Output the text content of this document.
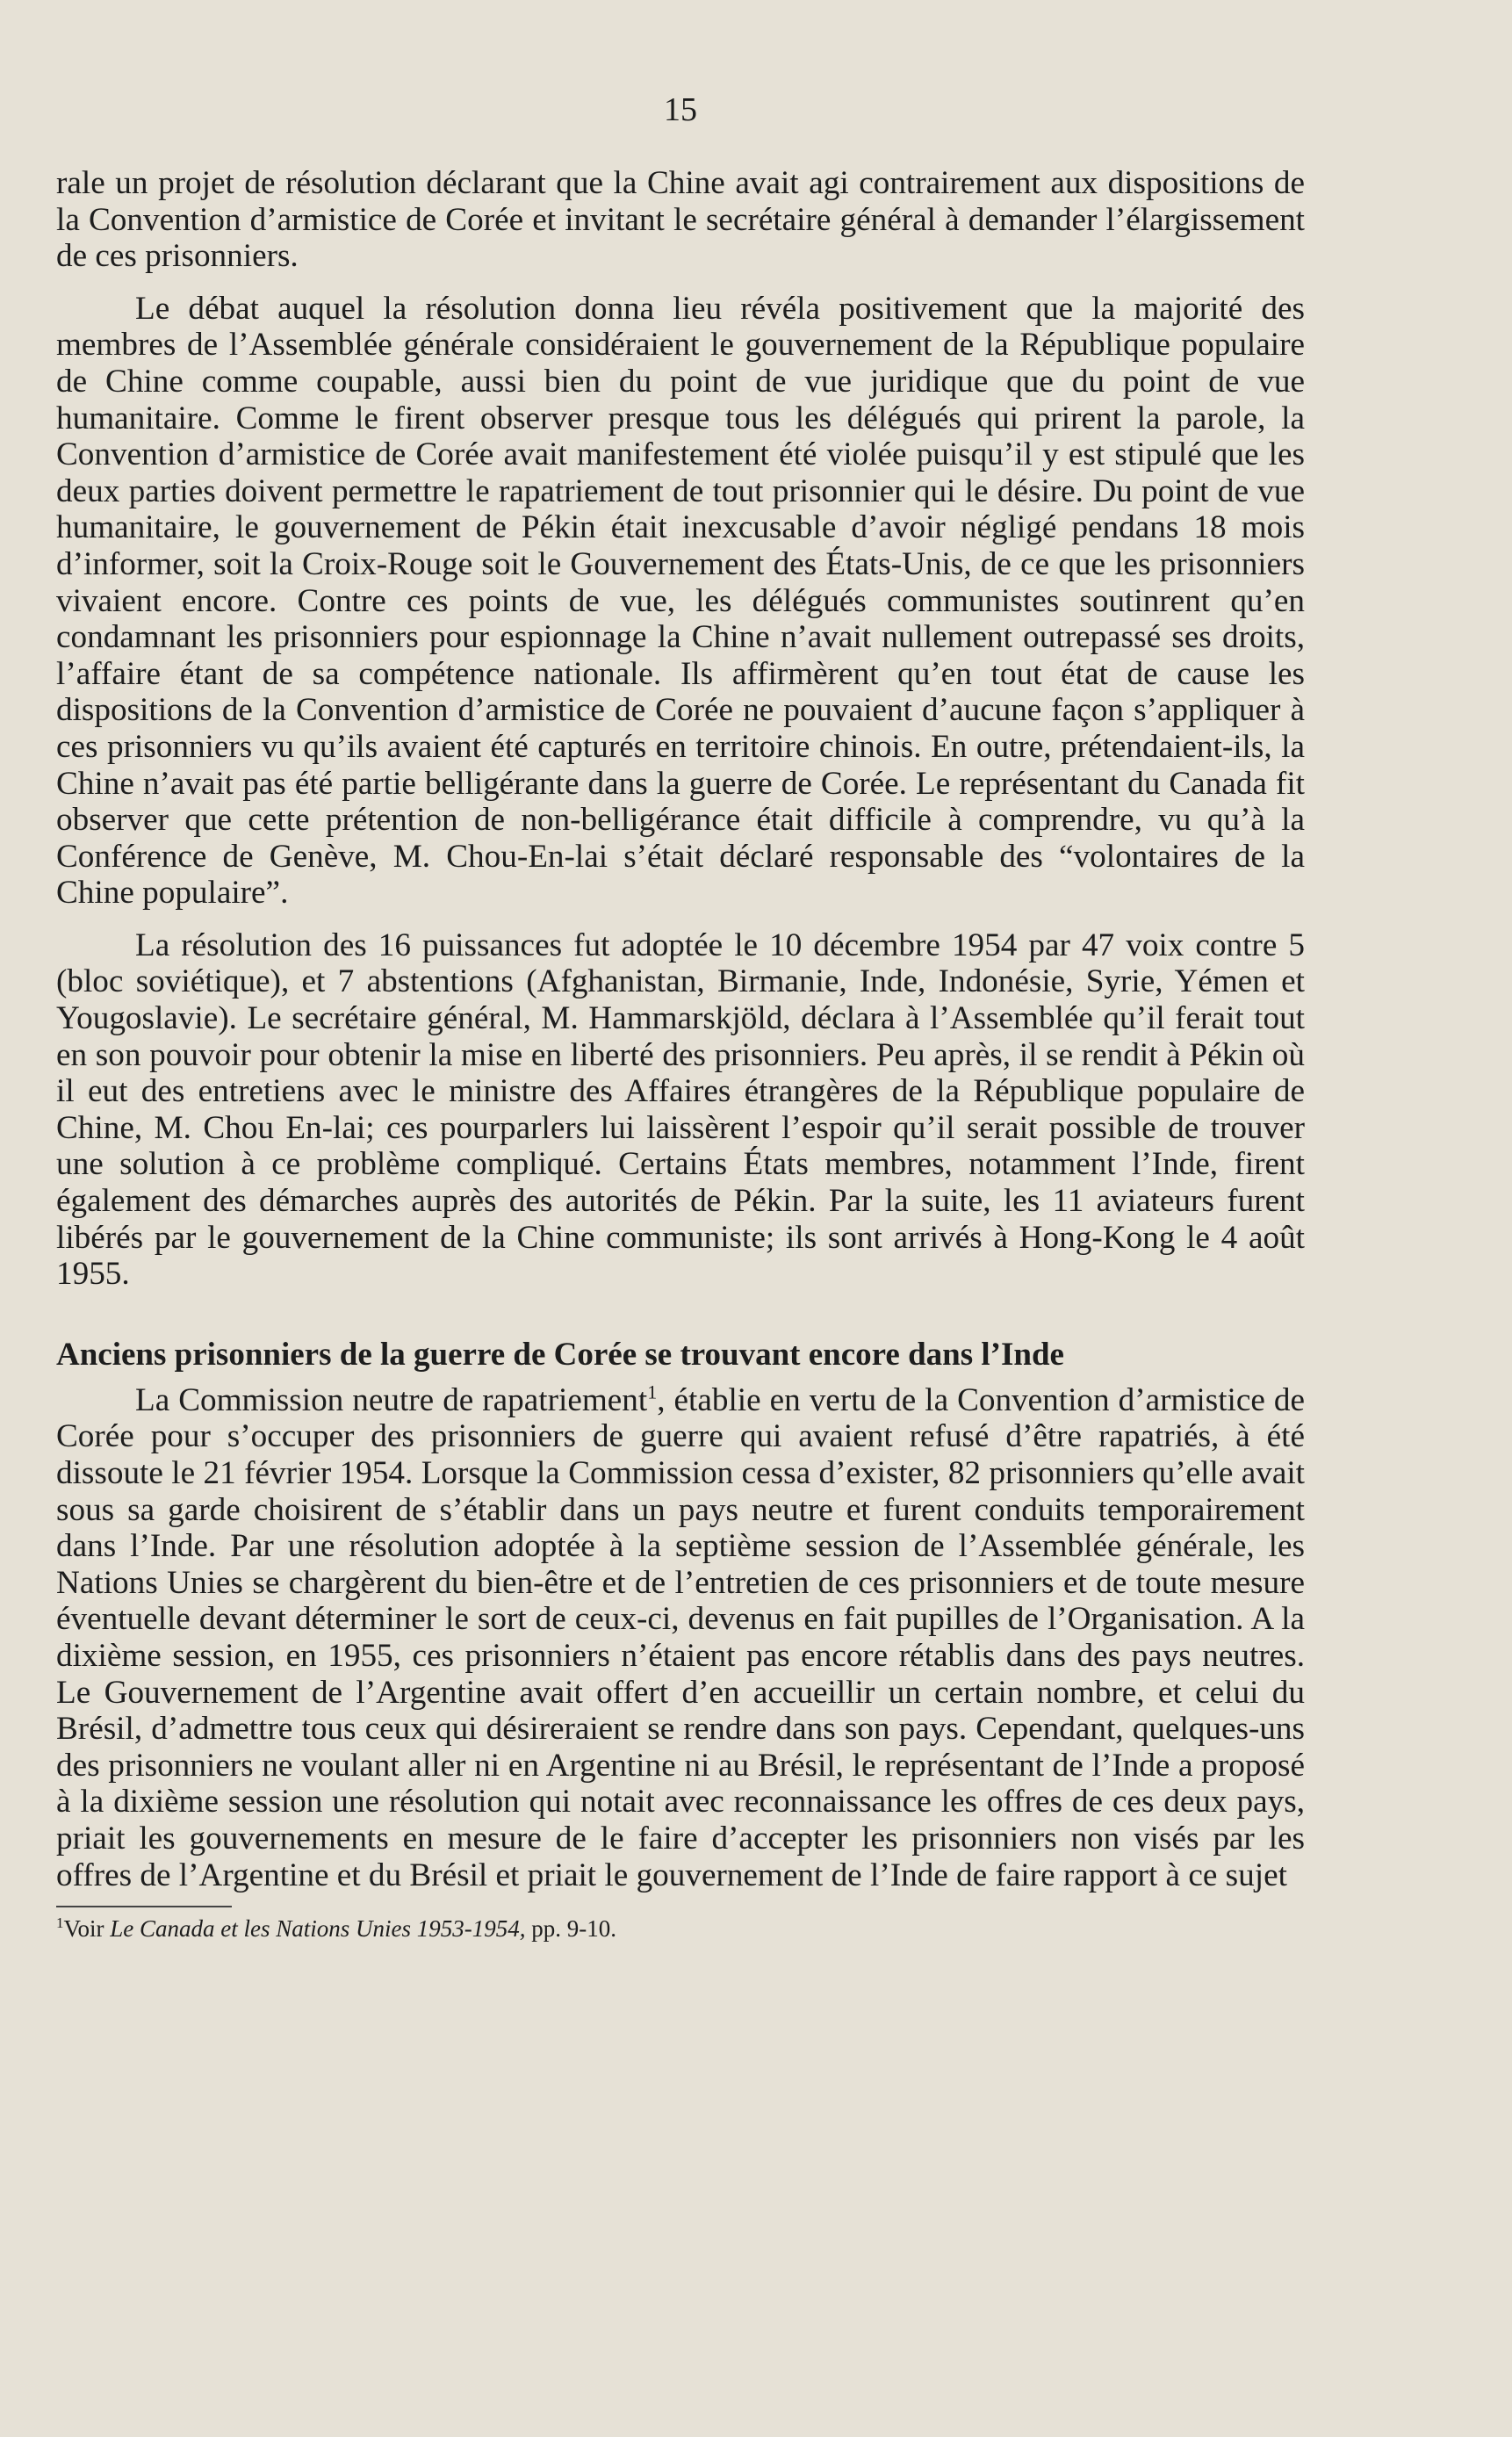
15

rale un projet de résolution déclarant que la Chine avait agi contrairement aux dispositions de la Convention d’armistice de Corée et invitant le secrétaire général à demander l’élargissement de ces prisonniers.

Le débat auquel la résolution donna lieu révéla positivement que la majorité des membres de l’Assemblée générale considéraient le gouvernement de la République populaire de Chine comme coupable, aussi bien du point de vue juridique que du point de vue humanitaire. Comme le firent observer presque tous les délégués qui prirent la parole, la Convention d’armistice de Corée avait manifestement été violée puisqu’il y est stipulé que les deux parties doivent permettre le rapatriement de tout prisonnier qui le désire. Du point de vue humanitaire, le gouvernement de Pékin était inexcusable d’avoir négligé pendans 18 mois d’informer, soit la Croix-Rouge soit le Gouvernement des États-Unis, de ce que les prisonniers vivaient encore. Contre ces points de vue, les délégués communistes soutinrent qu’en condamnant les prisonniers pour espionnage la Chine n’avait nullement outrepassé ses droits, l’affaire étant de sa compétence nationale. Ils affirmèrent qu’en tout état de cause les dispositions de la Convention d’armistice de Corée ne pouvaient d’aucune façon s’appliquer à ces prisonniers vu qu’ils avaient été capturés en territoire chinois. En outre, prétendaient-ils, la Chine n’avait pas été partie belligérante dans la guerre de Corée. Le représentant du Canada fit observer que cette prétention de non-belligérance était difficile à comprendre, vu qu’à la Conférence de Genève, M. Chou-En-lai s’était déclaré responsable des “volontaires de la Chine populaire”.

La résolution des 16 puissances fut adoptée le 10 décembre 1954 par 47 voix contre 5 (bloc soviétique), et 7 abstentions (Afghanistan, Birmanie, Inde, Indonésie, Syrie, Yémen et Yougoslavie). Le secrétaire général, M. Hammarskjöld, déclara à l’Assemblée qu’il ferait tout en son pouvoir pour obtenir la mise en liberté des prisonniers. Peu après, il se rendit à Pékin où il eut des entretiens avec le ministre des Affaires étrangères de la République populaire de Chine, M. Chou En-lai; ces pourparlers lui laissèrent l’espoir qu’il serait possible de trouver une solution à ce problème compliqué. Certains États membres, notamment l’Inde, firent également des démarches auprès des autorités de Pékin. Par la suite, les 11 aviateurs furent libérés par le gouvernement de la Chine communiste; ils sont arrivés à Hong-Kong le 4 août 1955.

Anciens prisonniers de la guerre de Corée se trouvant encore dans l’Inde

La Commission neutre de rapatriement$^1$, établie en vertu de la Convention d’armistice de Corée pour s’occuper des prisonniers de guerre qui avaient refusé d’être rapatriés, à été dissoute le 21 février 1954. Lorsque la Commission cessa d’exister, 82 prisonniers qu’elle avait sous sa garde choisirent de s’établir dans un pays neutre et furent conduits temporairement dans l’Inde. Par une résolution adoptée à la septième session de l’Assemblée générale, les Nations Unies se chargèrent du bien-être et de l’entretien de ces prisonniers et de toute mesure éventuelle devant déterminer le sort de ceux-ci, devenus en fait pupilles de l’Organisation. A la dixième session, en 1955, ces prisonniers n’étaient pas encore rétablis dans des pays neutres. Le Gouvernement de l’Argentine avait offert d’en accueillir un certain nombre, et celui du Brésil, d’admettre tous ceux qui désireraient se rendre dans son pays. Cependant, quelques-uns des prisonniers ne voulant aller ni en Argentine ni au Brésil, le représentant de l’Inde a proposé à la dixième session une résolution qui notait avec reconnaissance les offres de ces deux pays, priait les gouvernements en mesure de le faire d’accepter les prisonniers non visés par les offres de l’Argentine et du Brésil et priait le gouvernement de l’Inde de faire rapport à ce sujet

$^1$Voir Le Canada et les Nations Unies 1953-1954, pp. 9-10.
